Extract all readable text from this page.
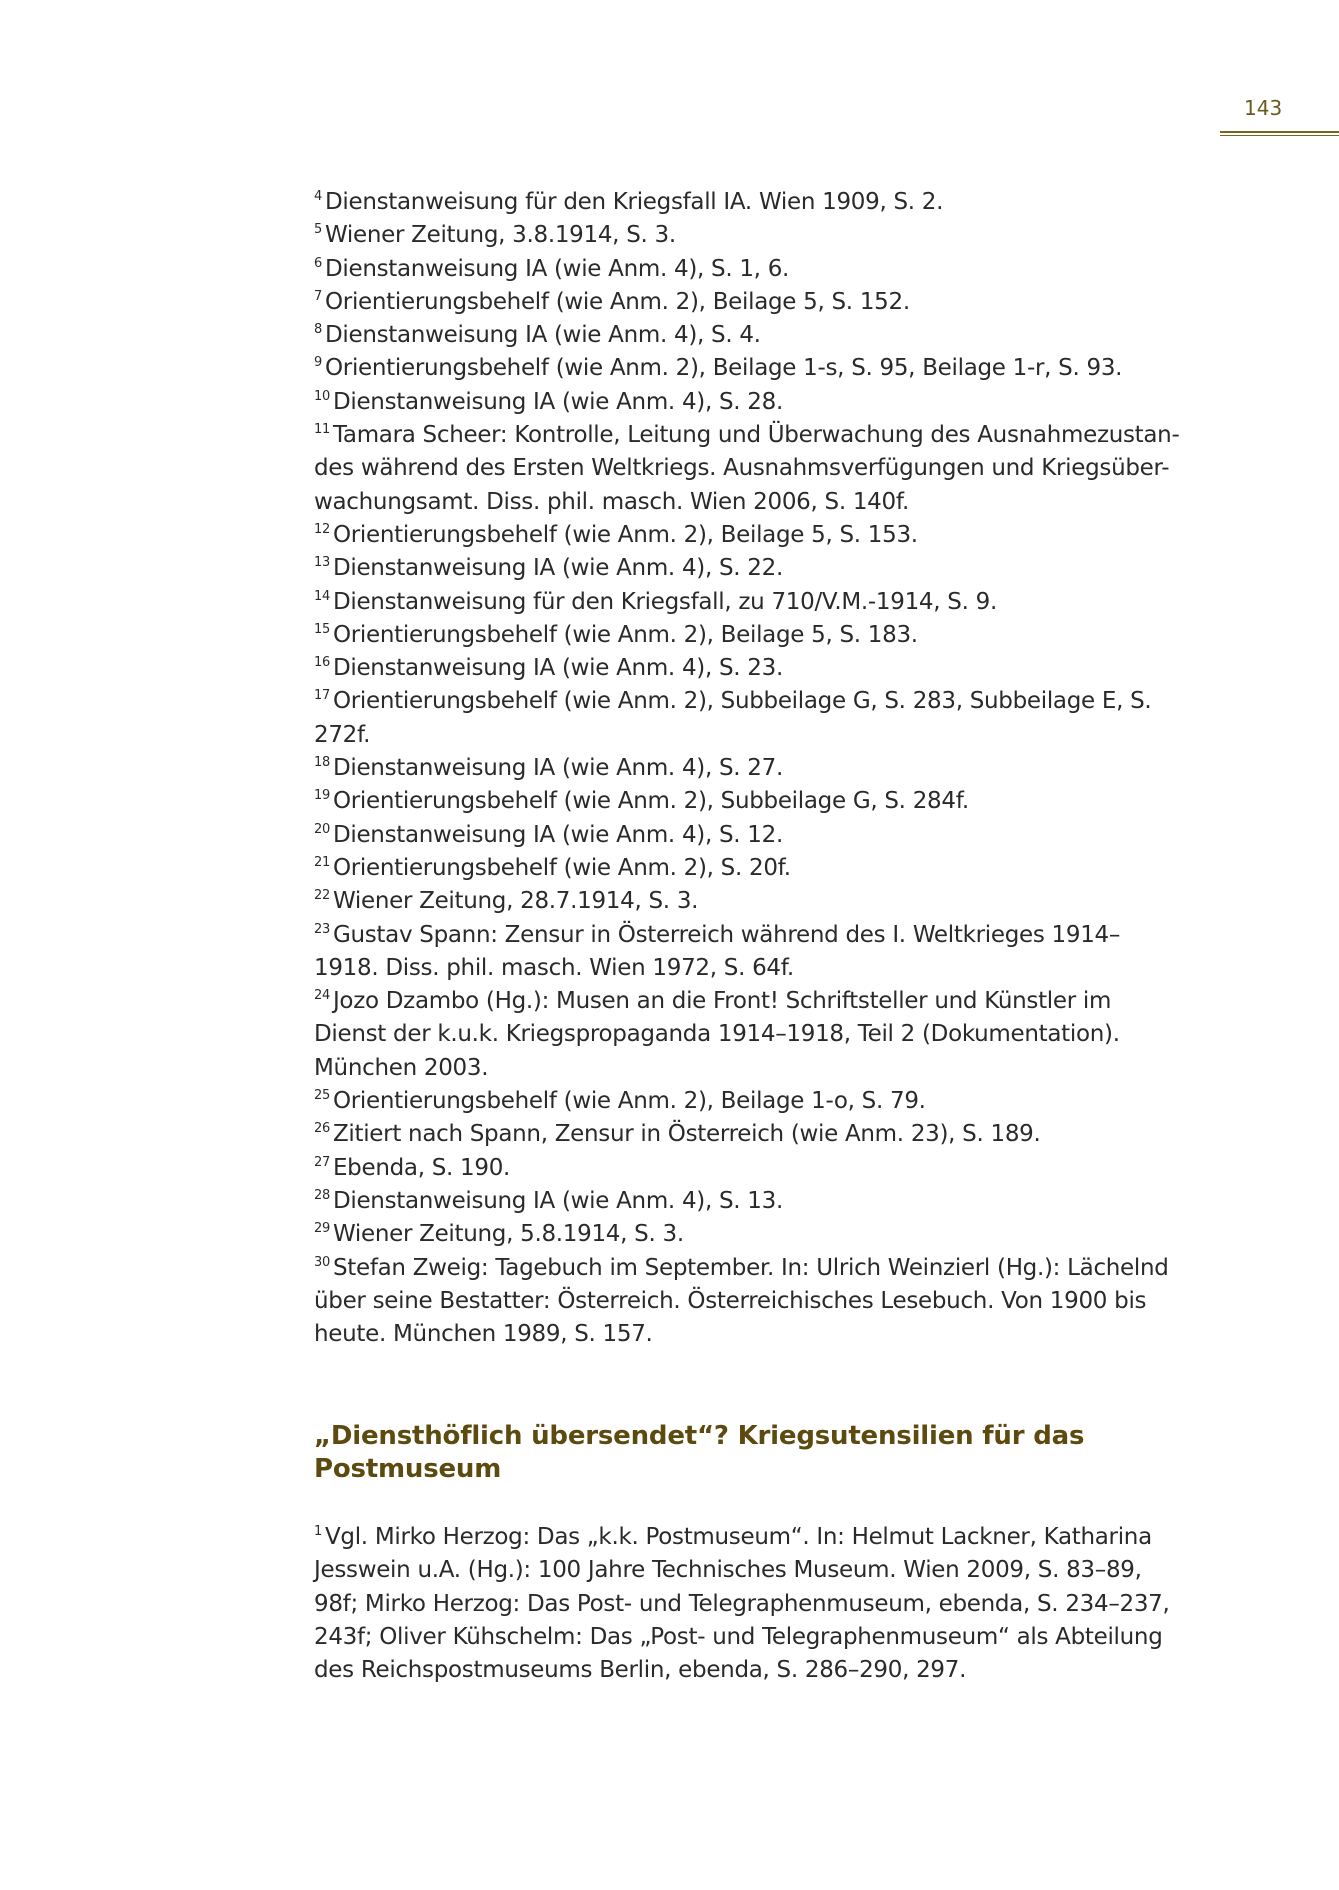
143

$^4$ Dienstanweisung für den Kriegsfall IA. Wien 1909, S. 2.

$^5$ Wiener Zeitung, 3.8.1914, S. 3.

$^6$ Dienstanweisung IA (wie Anm. 4), S. 1, 6.

$^7$ Orientierungsbehelf (wie Anm. 2), Beilage 5, S. 152.

$^8$ Dienstanweisung IA (wie Anm. 4), S. 4.

$^9$ Orientierungsbehelf (wie Anm. 2), Beilage 1-s, S. 95, Beilage 1-r, S. 93.

$^{10}$ Dienstanweisung IA (wie Anm. 4), S. 28.

$^{11}$ Tamara Scheer: Kontrolle, Leitung und Überwachung des Ausnahmezustan-des während des Ersten Weltkriegs. Ausnahmsverfügungen und Kriegsüber-wachungsamt. Diss. phil. masch. Wien 2006, S. 140f.

$^{12}$ Orientierungsbehelf (wie Anm. 2), Beilage 5, S. 153.

$^{13}$ Dienstanweisung IA (wie Anm. 4), S. 22.

$^{14}$ Dienstanweisung für den Kriegsfall, zu 710/V.M.-1914, S. 9.

$^{15}$ Orientierungsbehelf (wie Anm. 2), Beilage 5, S. 183.

$^{16}$ Dienstanweisung IA (wie Anm. 4), S. 23.

$^{17}$ Orientierungsbehelf (wie Anm. 2), Subbeilage G, S. 283, Subbeilage E, S. 272f.

$^{18}$ Dienstanweisung IA (wie Anm. 4), S. 27.

$^{19}$ Orientierungsbehelf (wie Anm. 2), Subbeilage G, S. 284f.

$^{20}$ Dienstanweisung IA (wie Anm. 4), S. 12.

$^{21}$ Orientierungsbehelf (wie Anm. 2), S. 20f.

$^{22}$ Wiener Zeitung, 28.7.1914, S. 3.

$^{23}$ Gustav Spann: Zensur in Österreich während des I. Weltkrieges 1914–1918. Diss. phil. masch. Wien 1972, S. 64f.

$^{24}$ Jozo Dzambo (Hg.): Musen an die Front! Schriftsteller und Künstler im Dienst der k.u.k. Kriegspropaganda 1914–1918, Teil 2 (Dokumentation). München 2003.

$^{25}$ Orientierungsbehelf (wie Anm. 2), Beilage 1-o, S. 79.

$^{26}$ Zitiert nach Spann, Zensur in Österreich (wie Anm. 23), S. 189.

$^{27}$ Ebenda, S. 190.

$^{28}$ Dienstanweisung IA (wie Anm. 4), S. 13.

$^{29}$ Wiener Zeitung, 5.8.1914, S. 3.

$^{30}$ Stefan Zweig: Tagebuch im September. In: Ulrich Weinzierl (Hg.): Lächelnd über seine Bestatter: Österreich. Österreichisches Lesebuch. Von 1900 bis heute. München 1989, S. 157.

„Diensthöflich übersendet“? Kriegsutensilien für das Postmuseum

$^1$ Vgl. Mirko Herzog: Das „k.k. Postmuseum“. In: Helmut Lackner, Katharina Jesswein u.A. (Hg.): 100 Jahre Technisches Museum. Wien 2009, S. 83–89, 98f; Mirko Herzog: Das Post- und Telegraphenmuseum, ebenda, S. 234–237, 243f; Oliver Kühschelm: Das „Post- und Telegraphenmuseum“ als Abteilung des Reichspostmuseums Berlin, ebenda, S. 286–290, 297.
